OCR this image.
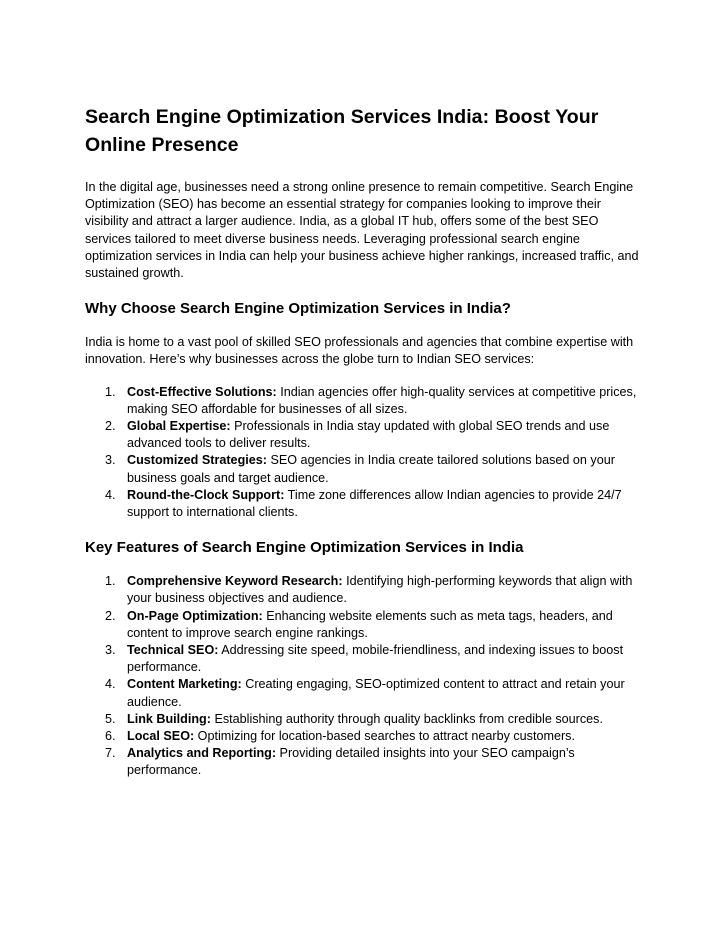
Search Engine Optimization Services India: Boost Your Online Presence

In the digital age, businesses need a strong online presence to remain competitive. Search Engine Optimization (SEO) has become an essential strategy for companies looking to improve their visibility and attract a larger audience. India, as a global IT hub, offers some of the best SEO services tailored to meet diverse business needs. Leveraging professional search engine optimization services in India can help your business achieve higher rankings, increased traffic, and sustained growth.

Why Choose Search Engine Optimization Services in India?

India is home to a vast pool of skilled SEO professionals and agencies that combine expertise with innovation. Here’s why businesses across the globe turn to Indian SEO services:

1. Cost-Effective Solutions: Indian agencies offer high-quality services at competitive prices, making SEO affordable for businesses of all sizes.
2. Global Expertise: Professionals in India stay updated with global SEO trends and use advanced tools to deliver results.
3. Customized Strategies: SEO agencies in India create tailored solutions based on your business goals and target audience.
4. Round-the-Clock Support: Time zone differences allow Indian agencies to provide 24/7 support to international clients.
Key Features of Search Engine Optimization Services in India
1. Comprehensive Keyword Research: Identifying high-performing keywords that align with your business objectives and audience.
2. On-Page Optimization: Enhancing website elements such as meta tags, headers, and content to improve search engine rankings.
3. Technical SEO: Addressing site speed, mobile-friendliness, and indexing issues to boost performance.
4. Content Marketing: Creating engaging, SEO-optimized content to attract and retain your audience.
5. Link Building: Establishing authority through quality backlinks from credible sources.
6. Local SEO: Optimizing for location-based searches to attract nearby customers.
7. Analytics and Reporting: Providing detailed insights into your SEO campaign’s performance.
